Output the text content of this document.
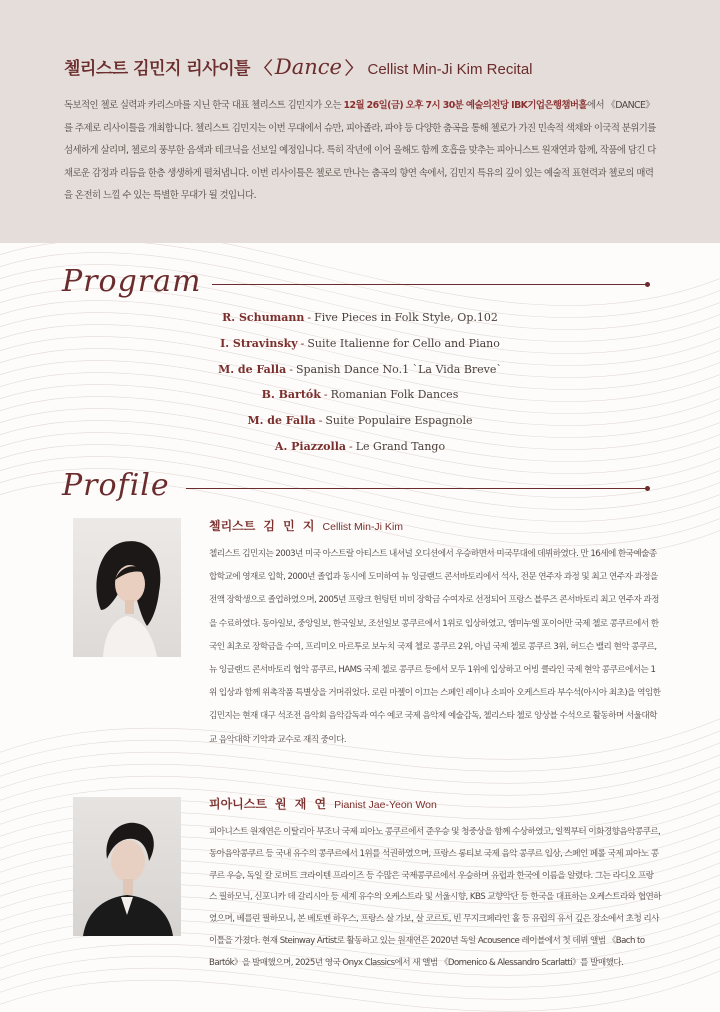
첼리스트 김민지 리사이틀 〈 Dance 〉 Cellist Min-Ji Kim Recital
독보적인 첼로 실력과 카리스마를 지닌 한국 대표 첼리스트 김민지가 오는 12월 26일(금) 오후 7시 30분 예술의전당 IBK기업은행챔버홀에서 《DANCE》를 주제로 리사이틀을 개최합니다. 첼리스트 김민지는 이번 무대에서 슈만, 피아졸라, 파야 등 다양한 춤곡을 통해 첼로가 가진 민속적 색채와 이국적 분위기를 섬세하게 살리며, 첼로의 풍부한 음색과 테크닉을 선보일 예정입니다. 특히 작년에 이어 올해도 함께 호흡을 맞추는 피아니스트 원재연과 함께, 작품에 담긴 다채로운 감정과 리듬을 한층 생생하게 펼쳐냅니다. 이번 리사이틀은 첼로로 만나는 춤곡의 향연 속에서, 김민지 특유의 깊이 있는 예술적 표현력과 첼로의 매력을 온전히 느낄 수 있는 특별한 무대가 될 것입니다.
Program
R. Schumann - Five Pieces in Folk Style, Op.102
I. Stravinsky - Suite Italienne for Cello and Piano
M. de Falla - Spanish Dance No.1 `La Vida Breve`
B. Bartók - Romanian Folk Dances
M. de Falla - Suite Populaire Espagnole
A. Piazzolla - Le Grand Tango
Profile
첼리스트 김 민 지 Cellist Min-Ji Kim
첼리스트 김민지는 2003년 미국 아스트랄 아티스트 내셔널 오디션에서 우승하면서 미국무대에 데뷔하였다. 만 16세에 한국예술종합학교에 영재로 입학, 2000년 졸업과 동시에 도미하여 뉴 잉글랜드 콘서바토리에서 석사, 전문 연주자 과정 및 최고 연주자 과정을 전액 장학생으로 졸업하였으며, 2005년 프랑크 헌팅턴 비비 장학금 수여자로 선정되어 프랑스 블루즈 콘서바토리 최고 연주자 과정을 수료하였다. 동아일보, 중앙일보, 한국일보, 조선일보 콩쿠르에서 1위로 입상하였고, 엠미누엘 포이어만 국제 첼로 콩쿠르에서 한국인 최초로 장학금을 수여, 프리미오 마르투로 보누치 국제 첼로 콩쿠르 2위, 아넘 국제 첼로 콩쿠르 3위, 허드슨 밸리 현악 콩쿠르, 뉴 잉글랜드 콘서바토리 협악 콩쿠르, HAMS 국제 첼로 콩쿠르 등에서 모두 1위에 입상하고 어빙 클라인 국제 현악 콩쿠르에서는 1위 입상과 함께 위촉작품 특별상을 거머쥐었다. 로린 마젤이 이끄는 스페인 레이나 소피아 오케스트라 부수석(아시아 최초)을 역임한 김민지는 현재 대구 석조전 음악회 음악감독과 여수 예코 국제 음악제 예술감독, 첼리스타 첼로 앙상블 수석으로 활동하며 서울대학교 음악대학 기악과 교수로 재직 중이다.
피아니스트 원 재 연 Pianist Jae-Yeon Won
피아니스트 원재연은 이탈리아 부조니 국제 피아노 콩쿠르에서 준우승 및 청중상을 함께 수상하였고, 일찍부터 이화경향음악콩쿠르, 동아음악콩쿠르 등 국내 유수의 콩쿠르에서 1위를 석권하였으며, 프랑스 롱티보 국제 음악 콩쿠르 입상, 스페인 페롤 국제 피아노 콩쿠르 우승, 독일 칼 로버트 크라이텐 프라이즈 등 수많은 국제콩쿠르에서 우승하며 유럽과 한국에 이름을 알렸다. 그는 라디오 프랑스 필하모닉, 신포니카 데 갈리시아 등 세계 유수의 오케스트라 및 서울시향, KBS 교향악단 등 한국을 대표하는 오케스트라와 협연하였으며, 베를린 필하모니, 본 베토벤 하우스, 프랑스 살 가보, 살 코르토, 빈 무지크페라인 홀 등 유럽의 유서 깊은 장소에서 초청 리사이틀을 가졌다. 현재 Steinway Artist로 활동하고 있는 원재연은 2020년 독일 Acousence 레이블에서 첫 데뷔 앨범 《Bach to Bartók》을 발매했으며, 2025년 영국 Onyx Classics에서 새 앨범 《Domenico & Alessandro Scarlatti》를 발매했다.
